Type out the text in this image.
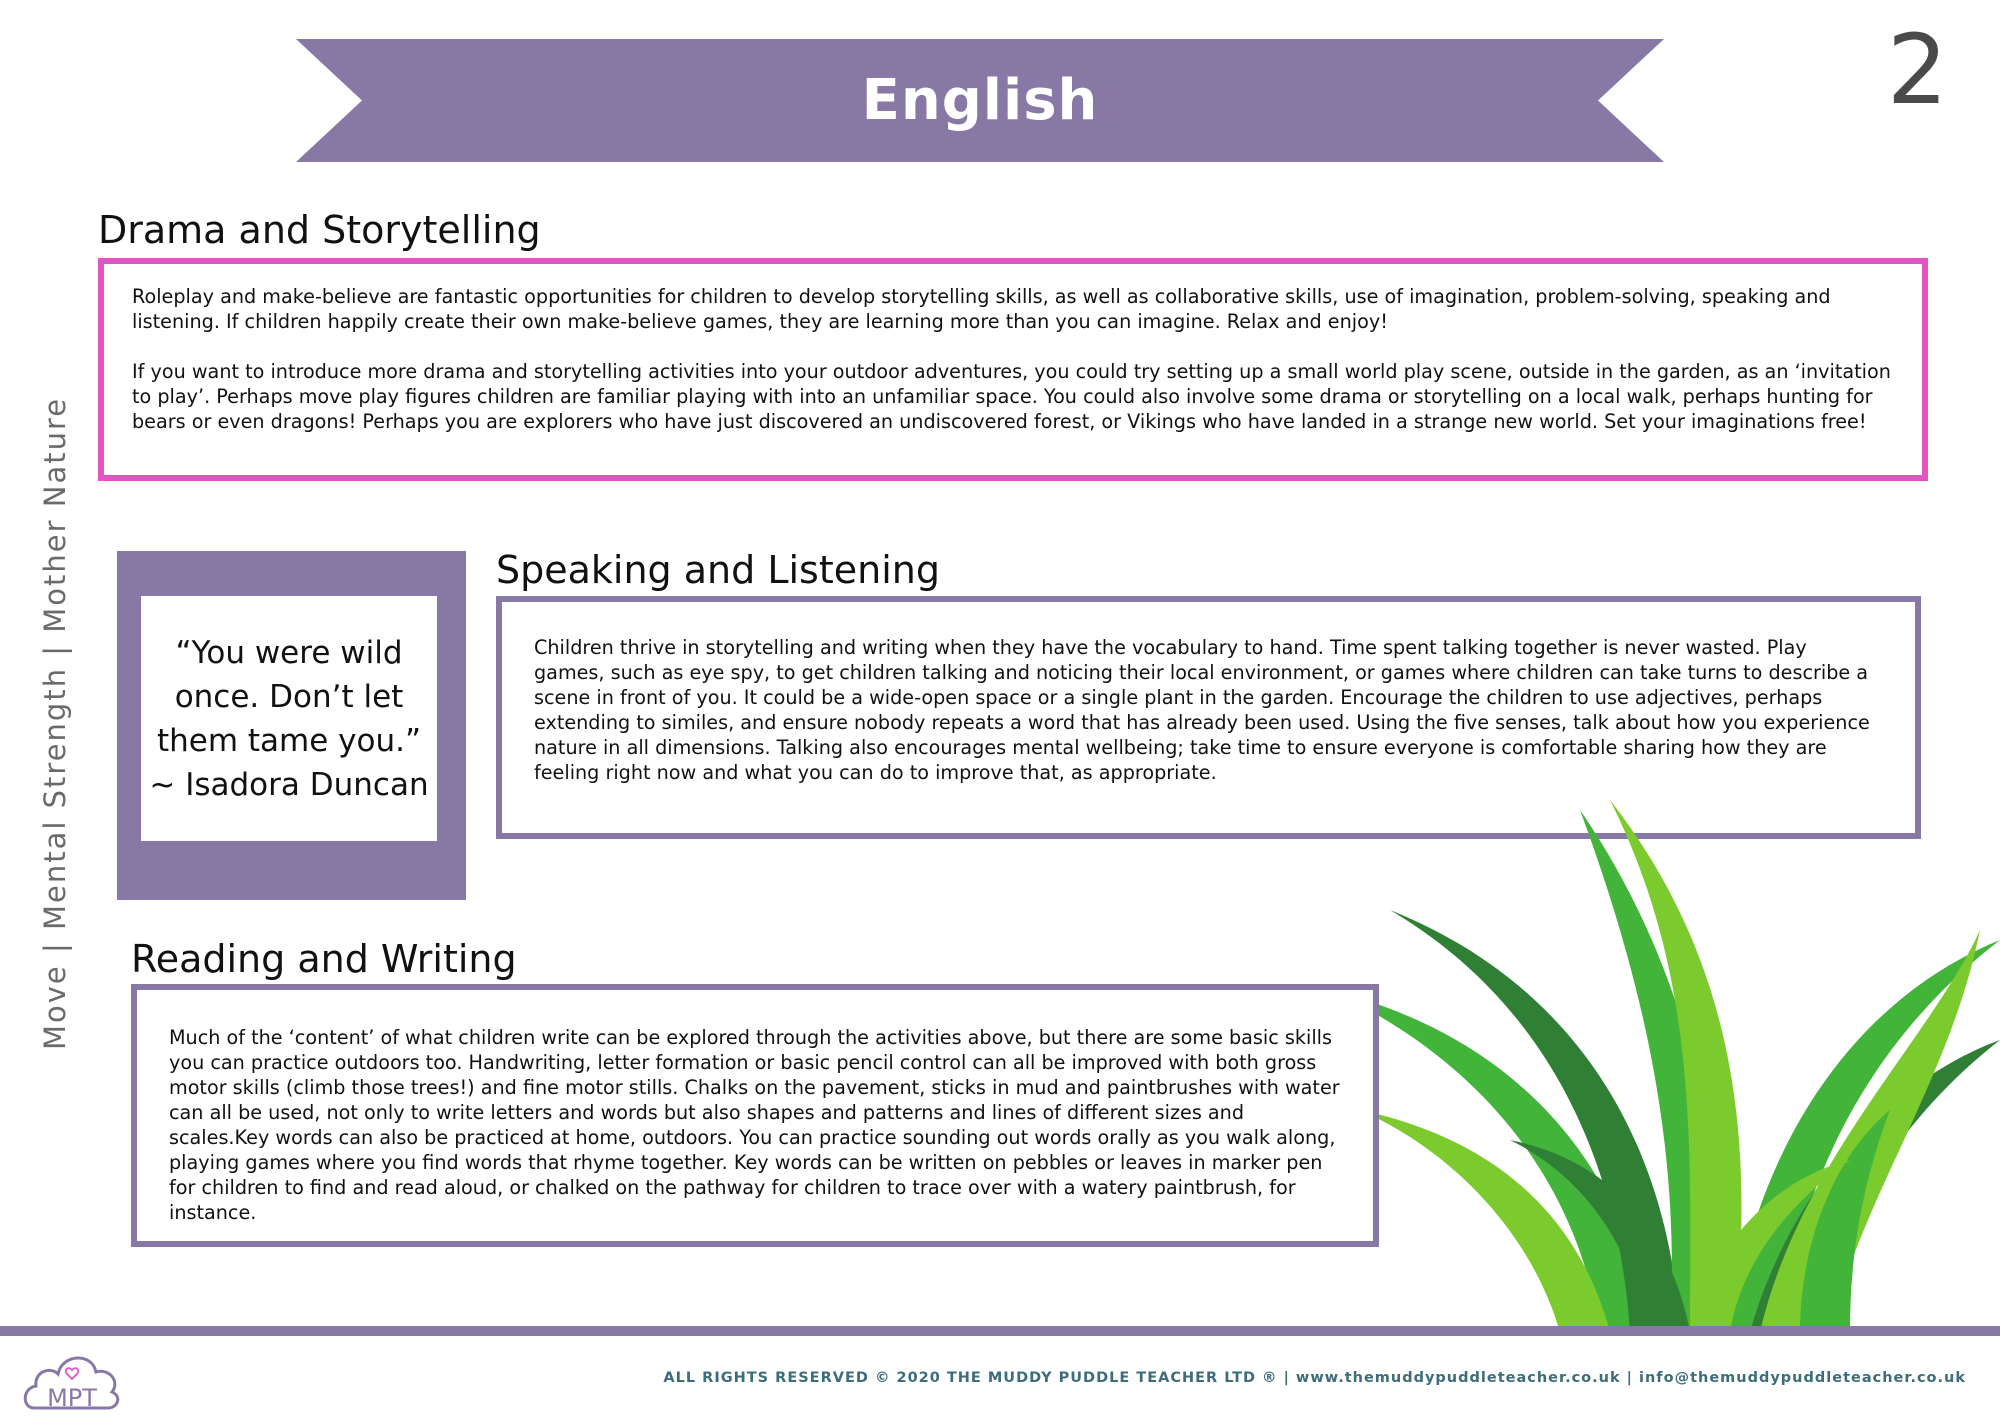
English	2
Move | Mental Strength | Mother Nature
Drama and Storytelling

Roleplay and make-believe are fantastic opportunities for children to develop storytelling skills, as well as collaborative skills, use of imagination, problem-solving, speaking and listening. If children happily create their own make-believe games, they are learning more than you can imagine. Relax and enjoy!

If you want to introduce more drama and storytelling activities into your outdoor adventures, you could try setting up a small world play scene, outside in the garden, as an ‘invitation to play’. Perhaps move play figures children are familiar playing with into an unfamiliar space. You could also involve some drama or storytelling on a local walk, perhaps hunting for bears or even dragons! Perhaps you are explorers who have just discovered an undiscovered forest, or Vikings who have landed in a strange new world. Set your imaginations free!

“You were wild once. Don’t let them tame you.”
~ Isadora Duncan
Speaking and Listening

Children thrive in storytelling and writing when they have the vocabulary to hand. Time spent talking together is never wasted. Play games, such as eye spy, to get children talking and noticing their local environment, or games where children can take turns to describe a scene in front of you. It could be a wide-open space or a single plant in the garden. Encourage the children to use adjectives, perhaps extending to similes, and ensure nobody repeats a word that has already been used. Using the five senses, talk about how you experience nature in all dimensions. Talking also encourages mental wellbeing; take time to ensure everyone is comfortable sharing how they are feeling right now and what you can do to improve that, as appropriate.

Reading and Writing

Much of the ‘content’ of what children write can be explored through the activities above, but there are some basic skills you can practice outdoors too. Handwriting, letter formation or basic pencil control can all be improved with both gross motor skills (climb those trees!) and fine motor stills. Chalks on the pavement, sticks in mud and paintbrushes with water can all be used, not only to write letters and words but also shapes and patterns and lines of different sizes and scales.Key words can also be practiced at home, outdoors. You can practice sounding out words orally as you walk along, playing games where you find words that rhyme together. Key words can be written on pebbles or leaves in marker pen for children to find and read aloud, or chalked on the pathway for children to trace over with a watery paintbrush, for instance.

MPT
ALL RIGHTS RESERVED © 2020 THE MUDDY PUDDLE TEACHER LTD ® | www.themuddypuddleteacher.co.uk | info@themuddypuddleteacher.co.uk
